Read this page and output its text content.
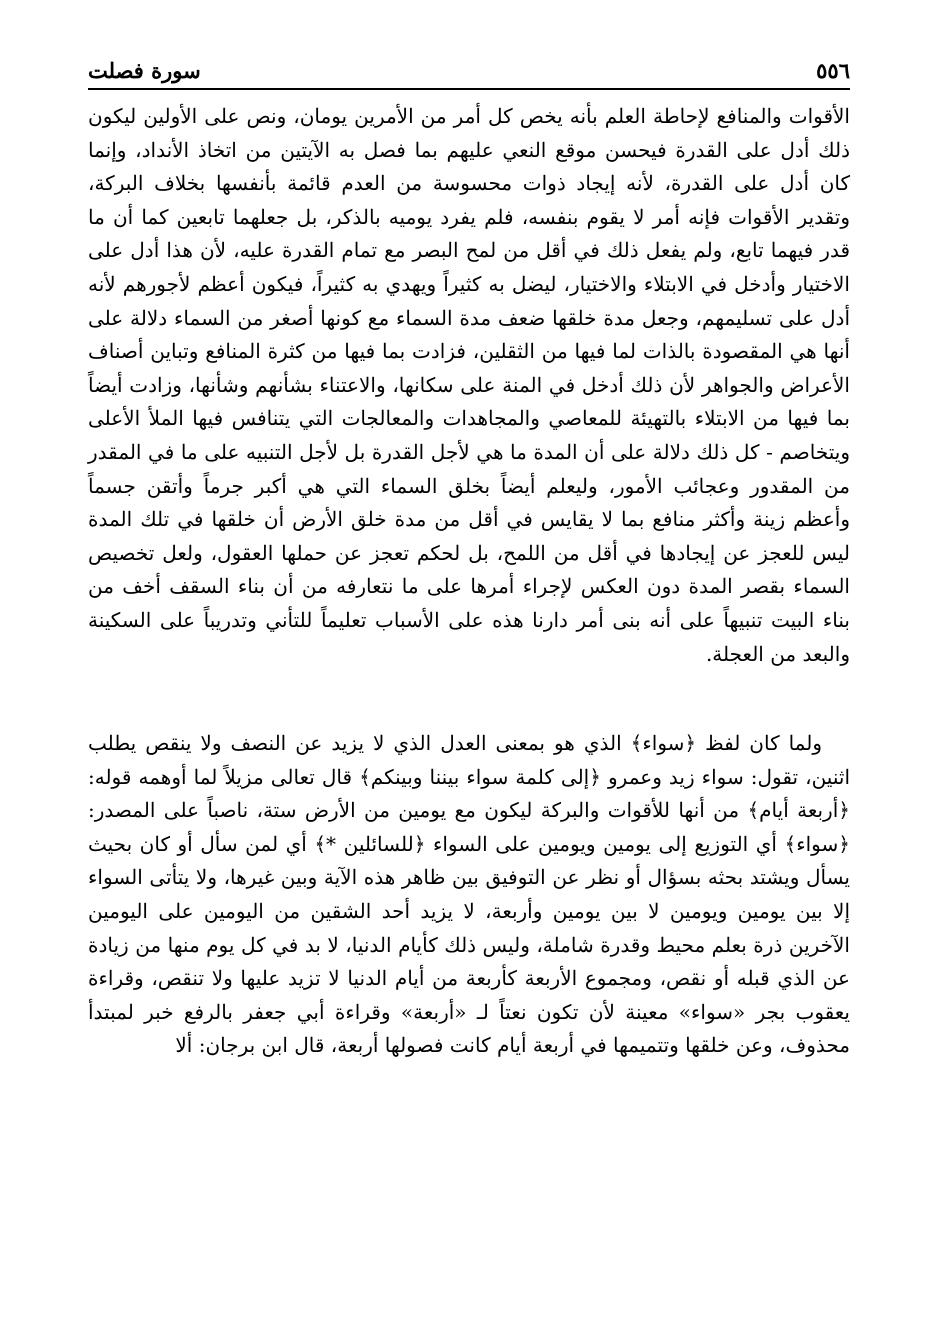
٥٥٦
سورة فصلت

الأقوات والمنافع لإحاطة العلم بأنه يخص كل أمر من الأمرين يومان، ونص على الأولين ليكون ذلك أدل على القدرة فيحسن موقع النعي عليهم بما فصل به الآيتين من اتخاذ الأنداد، وإنما كان أدل على القدرة، لأنه إيجاد ذوات محسوسة من العدم قائمة بأنفسها بخلاف البركة، وتقدير الأقوات فإنه أمر لا يقوم بنفسه، فلم يفرد يوميه بالذكر، بل جعلهما تابعين كما أن ما قدر فيهما تابع، ولم يفعل ذلك في أقل من لمح البصر مع تمام القدرة عليه، لأن هذا أدل على الاختيار وأدخل في الابتلاء والاختيار، ليضل به كثيراً ويهدي به كثيراً، فيكون أعظم لأجورهم لأنه أدل على تسليمهم، وجعل مدة خلقها ضعف مدة السماء مع كونها أصغر من السماء دلالة على أنها هي المقصودة بالذات لما فيها من الثقلين، فزادت بما فيها من كثرة المنافع وتباين أصناف الأعراض والجواهر لأن ذلك أدخل في المنة على سكانها، والاعتناء بشأنهم وشأنها، وزادت أيضاً بما فيها من الابتلاء بالتهيئة للمعاصي والمجاهدات والمعالجات التي يتنافس فيها الملأ الأعلى ويتخاصم - كل ذلك دلالة على أن المدة ما هي لأجل القدرة بل لأجل التنبيه على ما في المقدر من المقدور وعجائب الأمور، وليعلم أيضاً بخلق السماء التي هي أكبر جرماً وأتقن جسماً وأعظم زينة وأكثر منافع بما لا يقايس في أقل من مدة خلق الأرض أن خلقها في تلك المدة ليس للعجز عن إيجادها في أقل من اللمح، بل لحكم تعجز عن حملها العقول، ولعل تخصيص السماء بقصر المدة دون العكس لإجراء أمرها على ما نتعارفه من أن بناء السقف أخف من بناء البيت تنبيهاً على أنه بنى أمر دارنا هذه على الأسباب تعليماً للتأني وتدريباً على السكينة والبعد من العجلة.

ولما كان لفظ ﴿سواء﴾ الذي هو بمعنى العدل الذي لا يزيد عن النصف ولا ينقص يطلب اثنين، تقول: سواء زيد وعمرو ﴿إلى كلمة سواء بيننا وبينكم﴾ قال تعالى مزيلاً لما أوهمه قوله: ﴿أربعة أيام﴾ من أنها للأقوات والبركة ليكون مع يومين من الأرض ستة، ناصباً على المصدر: ﴿سواء﴾ أي التوزيع إلى يومين ويومين على السواء ﴿للسائلين *﴾ أي لمن سأل أو كان بحيث يسأل ويشتد بحثه بسؤال أو نظر عن التوفيق بين ظاهر هذه الآية وبين غيرها، ولا يتأتى السواء إلا بين يومين ويومين لا بين يومين وأربعة، لا يزيد أحد الشقين من اليومين على اليومين الآخرين ذرة بعلم محيط وقدرة شاملة، وليس ذلك كأيام الدنيا، لا بد في كل يوم منها من زيادة عن الذي قبله أو نقص، ومجموع الأربعة كأربعة من أيام الدنيا لا تزيد عليها ولا تنقص، وقراءة يعقوب بجر «سواء» معينة لأن تكون نعتاً لـ «أربعة» وقراءة أبي جعفر بالرفع خبر لمبتدأ محذوف، وعن خلقها وتتميمها في أربعة أيام كانت فصولها أربعة، قال ابن برجان: ألا
